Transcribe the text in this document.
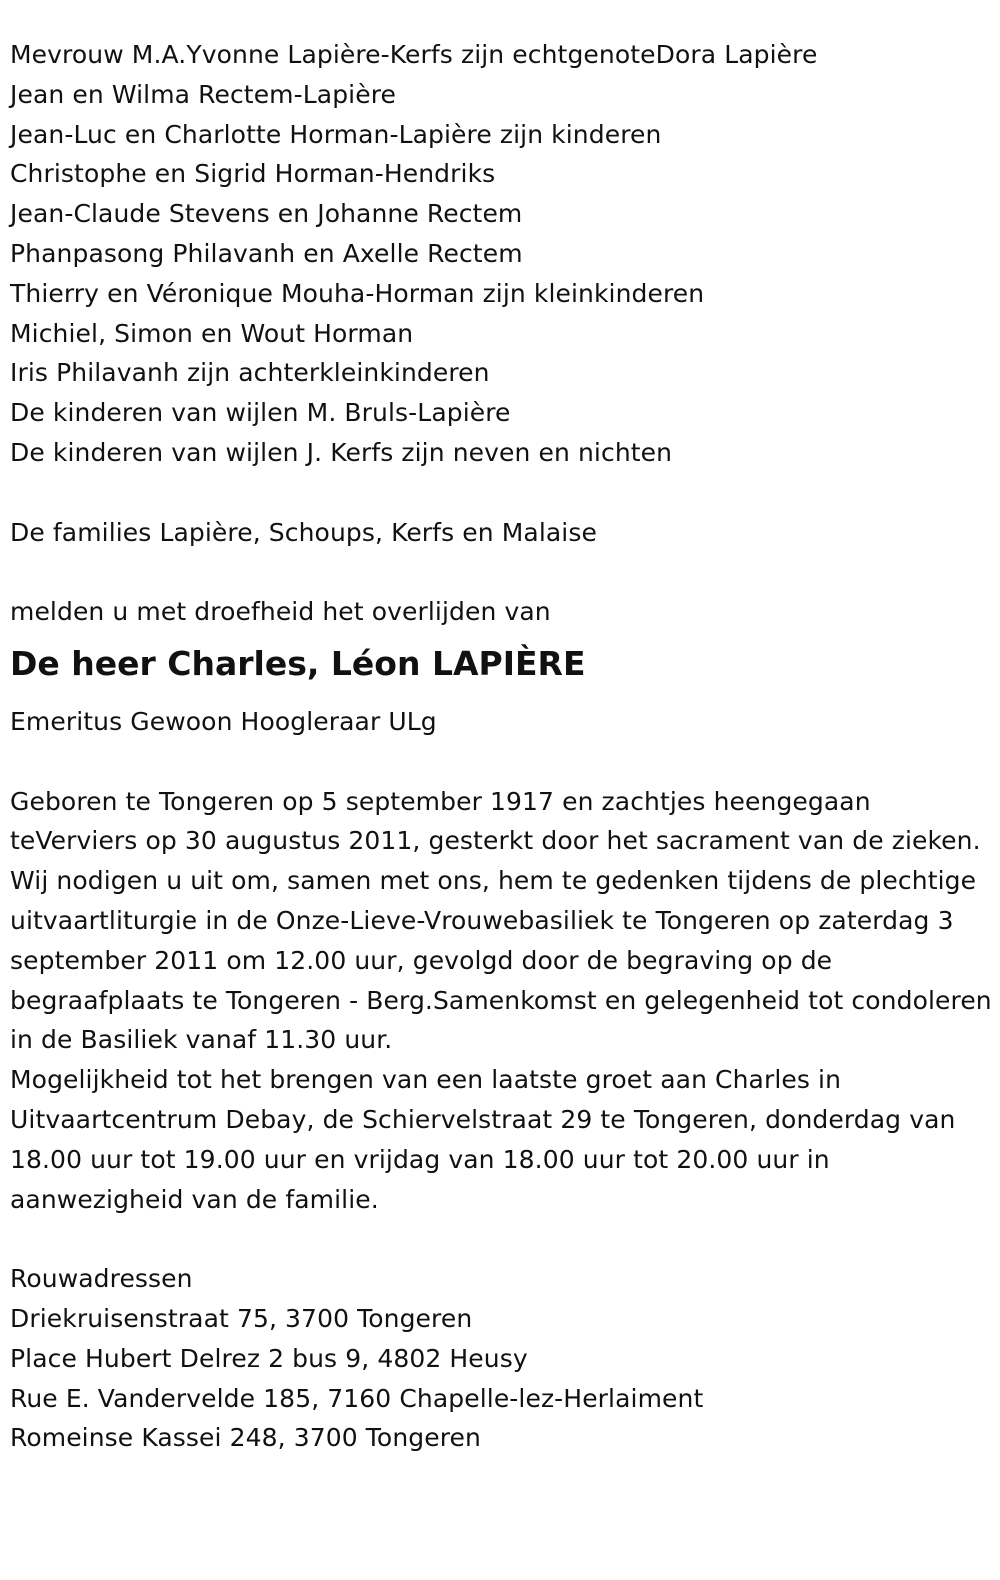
Mevrouw M.A.Yvonne Lapière-Kerfs zijn echtgenoteDora Lapière
Jean en Wilma Rectem-Lapière
Jean-Luc en Charlotte Horman-Lapière zijn kinderen
Christophe en Sigrid Horman-Hendriks
Jean-Claude Stevens en Johanne Rectem
Phanpasong Philavanh en Axelle Rectem
Thierry en Véronique Mouha-Horman zijn kleinkinderen
Michiel, Simon en Wout Horman
Iris Philavanh zijn achterkleinkinderen
De kinderen van wijlen M. Bruls-Lapière
De kinderen van wijlen J. Kerfs zijn neven en nichten
De families Lapière, Schoups, Kerfs en Malaise
melden u met droefheid het overlijden van
De heer Charles, Léon LAPIÈRE
Emeritus Gewoon Hoogleraar ULg

Geboren te Tongeren op 5 september 1917 en zachtjes heengegaan teVerviers op 30 augustus 2011, gesterkt door het sacrament van de zieken.

Wij nodigen u uit om, samen met ons, hem te gedenken tijdens de plechtige uitvaartliturgie in de Onze-Lieve-Vrouwebasiliek te Tongeren op zaterdag 3 september 2011 om 12.00 uur, gevolgd door de begraving op de begraafplaats te Tongeren - Berg.Samenkomst en gelegenheid tot condoleren in de Basiliek vanaf 11.30 uur.

Mogelijkheid tot het brengen van een laatste groet aan Charles in Uitvaartcentrum Debay, de Schiervelstraat 29 te Tongeren, donderdag van 18.00 uur tot 19.00 uur en vrijdag van 18.00 uur tot 20.00 uur in aanwezigheid van de familie.

Rouwadressen
Driekruisenstraat 75, 3700 Tongeren
Place Hubert Delrez 2 bus 9, 4802 Heusy
Rue E. Vandervelde 185, 7160 Chapelle-lez-Herlaiment
Romeinse Kassei 248, 3700 Tongeren
